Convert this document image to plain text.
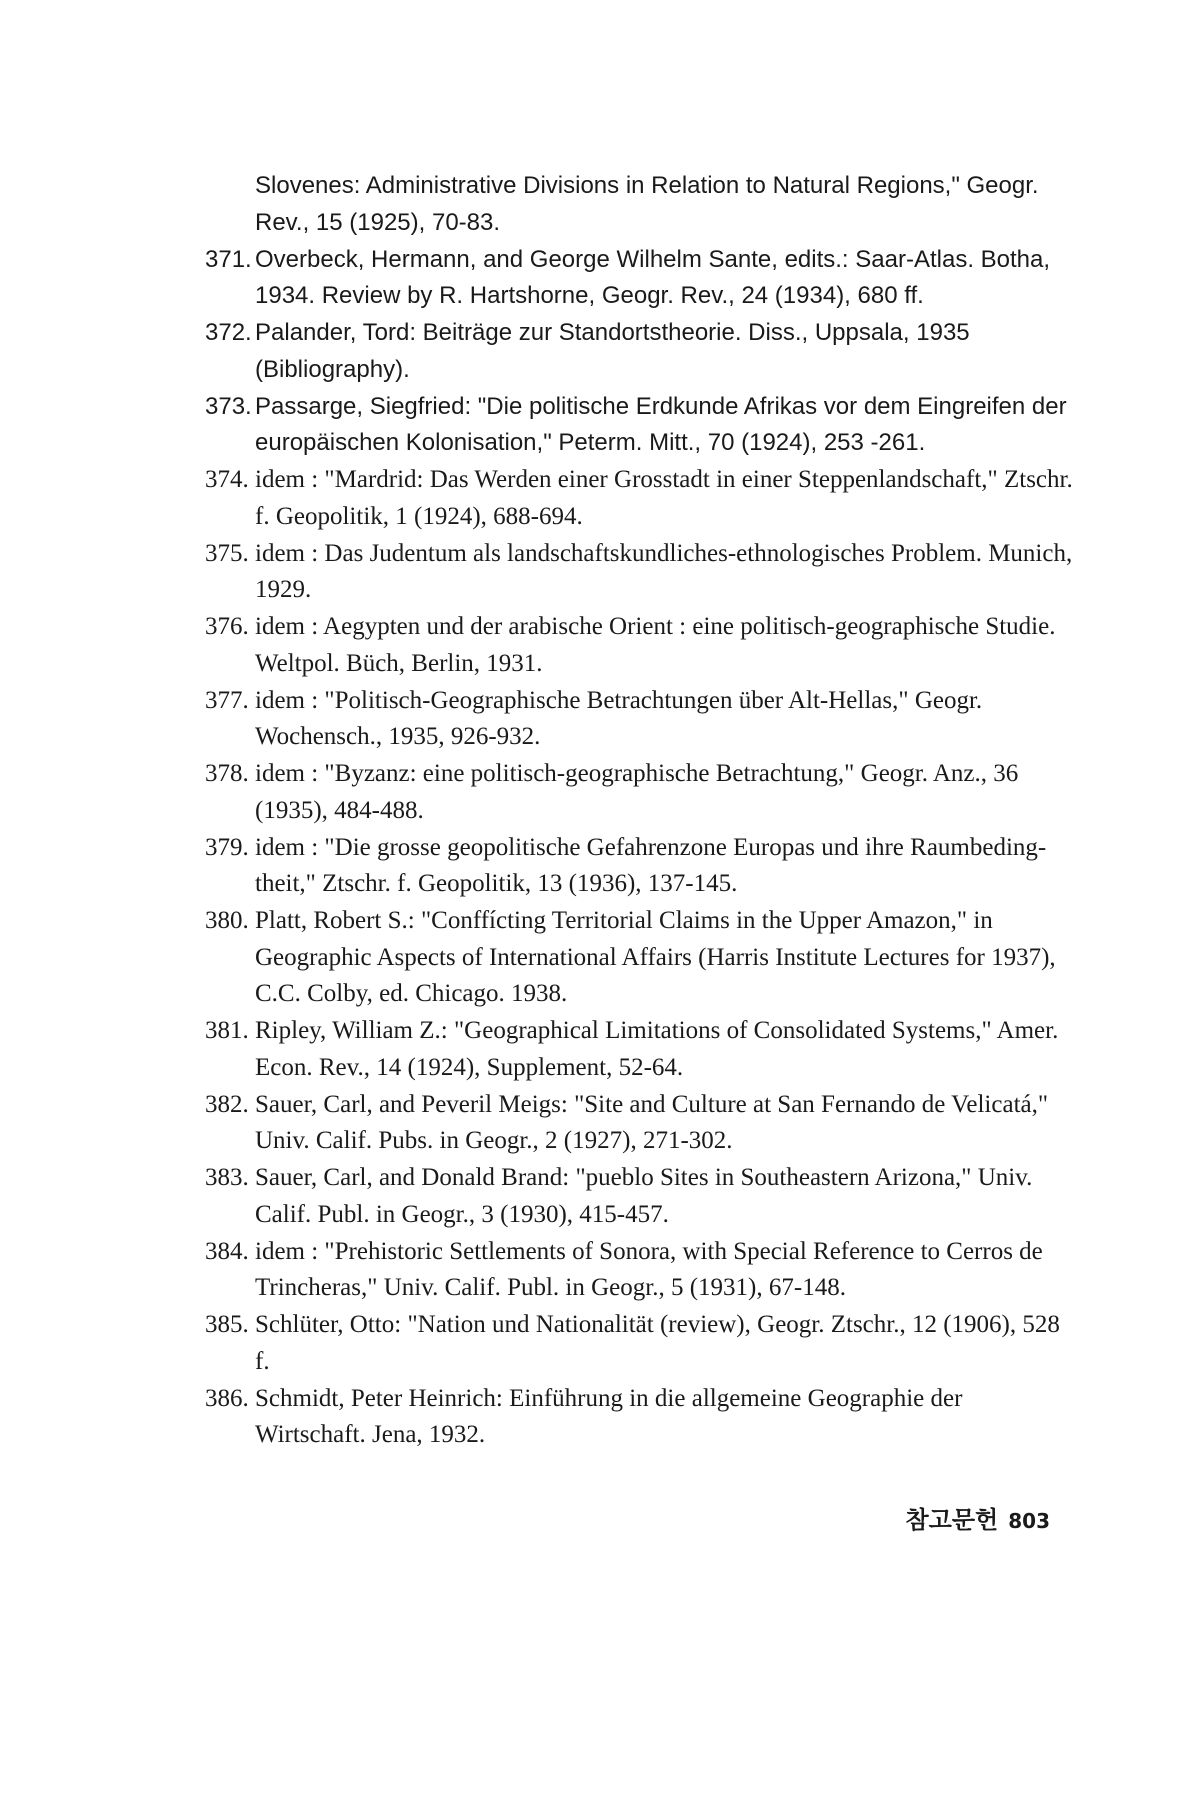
Slovenes: Administrative Divisions in Relation to Natural Regions," Geogr. Rev., 15 (1925), 70-83.
371. Overbeck, Hermann, and George Wilhelm Sante, edits.: Saar-Atlas. Botha, 1934. Review by R. Hartshorne, Geogr. Rev., 24 (1934), 680 ff.
372. Palander, Tord: Beiträge zur Standortstheorie. Diss., Uppsala, 1935 (Bibliography).
373. Passarge, Siegfried: "Die politische Erdkunde Afrikas vor dem Eingreifen der europäischen Kolonisation," Peterm. Mitt., 70 (1924), 253 -261.
374. idem : "Mardrid: Das Werden einer Grosstadt in einer Steppenlandschaft," Ztschr. f. Geopolitik, 1 (1924), 688-694.
375. idem : Das Judentum als landschaftskundliches-ethnologisches Problem. Munich, 1929.
376. idem : Aegypten und der arabische Orient : eine politisch-geographische Studie. Weltpol. Büch, Berlin, 1931.
377. idem : "Politisch-Geographische Betrachtungen über Alt-Hellas," Geogr. Wochensch., 1935, 926-932.
378. idem : "Byzanz: eine politisch-geographische Betrachtung," Geogr. Anz., 36 (1935), 484-488.
379. idem : "Die grosse geopolitische Gefahrenzone Europas und ihre Raumbeding-theit," Ztschr. f. Geopolitik, 13 (1936), 137-145.
380. Platt, Robert S.: "Conffícting Territorial Claims in the Upper Amazon," in Geographic Aspects of International Affairs (Harris Institute Lectures for 1937), C.C. Colby, ed. Chicago. 1938.
381. Ripley, William Z.: "Geographical Limitations of Consolidated Systems," Amer. Econ. Rev., 14 (1924), Supplement, 52-64.
382. Sauer, Carl, and Peveril Meigs: "Site and Culture at San Fernando de Velicatá," Univ. Calif. Pubs. in Geogr., 2 (1927), 271-302.
383. Sauer, Carl, and Donald Brand: "pueblo Sites in Southeastern Arizona," Univ. Calif. Publ. in Geogr., 3 (1930), 415-457.
384. idem : "Prehistoric Settlements of Sonora, with Special Reference to Cerros de Trincheras," Univ. Calif. Publ. in Geogr., 5 (1931), 67-148.
385. Schlüter, Otto: "Nation und Nationalität (review), Geogr. Ztschr., 12 (1906), 528 f.
386. Schmidt, Peter Heinrich: Einführung in die allgemeine Geographie der Wirtschaft. Jena, 1932.
참고문헌 803
